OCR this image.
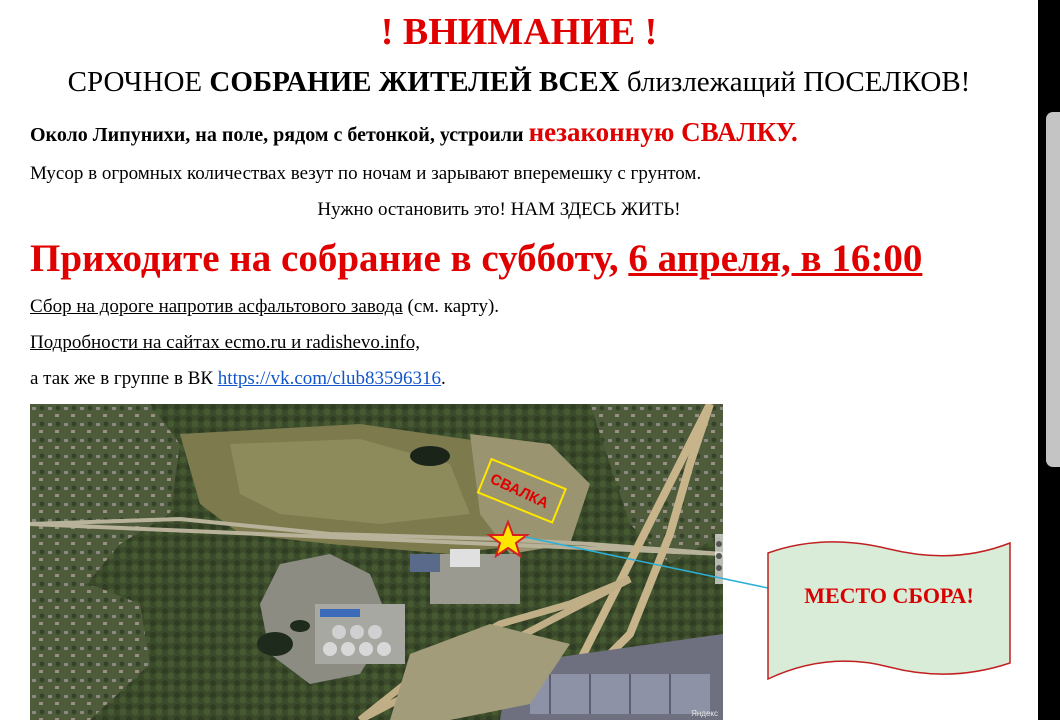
! ВНИМАНИЕ !
СРОЧНОЕ СОБРАНИЕ ЖИТЕЛЕЙ ВСЕХ близлежащий ПОСЕЛКОВ!
Около Липунихи, на поле, рядом с бетонкой, устроили незаконную СВАЛКУ.
Мусор в огромных количествах везут по ночам и зарывают вперемешку с грунтом.
Нужно остановить это! НАМ ЗДЕСЬ ЖИТЬ!
Приходите на собрание в субботу, 6 апреля, в 16:00
Сбор на дороге напротив асфальтового завода (см. карту).
Подробности на сайтах ecmo.ru и radishevo.info,
а так же в группе в ВК https://vk.com/club83596316.
СВАЛКА
Яндекс
МЕСТО СБОРА!
